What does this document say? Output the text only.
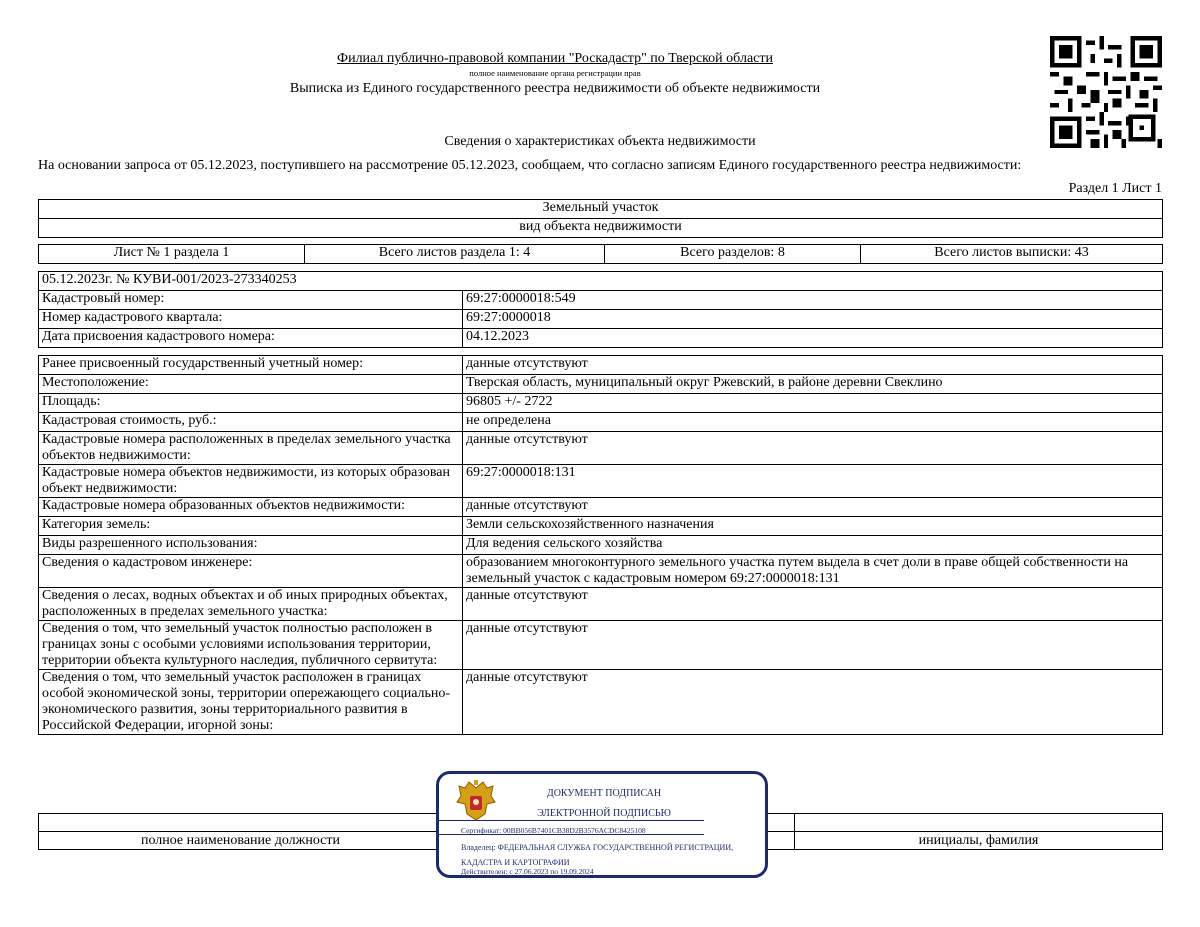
Филиал публично-правовой компании "Роскадастр" по Тверской области
полное наименование органа регистрации прав
Выписка из Единого государственного реестра недвижимости об объекте недвижимости
Сведения о характеристиках объекта недвижимости
На основании запроса от 05.12.2023, поступившего на рассмотрение 05.12.2023, сообщаем, что согласно записям Единого государственного реестра недвижимости:
Раздел 1 Лист 1
Земельный участок
вид объекта недвижимости
Лист № 1 раздела 1	Всего листов раздела 1: 4	Всего разделов: 8	Всего листов выписки: 43
05.12.2023г. № КУВИ-001/2023-273340253	
Кадастровый номер:	69:27:0000018:549
Номер кадастрового квартала:	69:27:0000018
Дата присвоения кадастрового номера:	04.12.2023
Ранее присвоенный государственный учетный номер:	данные отсутствуют
Местоположение:	Тверская область, муниципальный округ Ржевский, в районе деревни Свеклино
Площадь:	96805 +/- 2722
Кадастровая стоимость, руб.:	не определена
Кадастровые номера расположенных в пределах земельного участка объектов недвижимости:	данные отсутствуют
Кадастровые номера объектов недвижимости, из которых образован объект недвижимости:	69:27:0000018:131
Кадастровые номера образованных объектов недвижимости:	данные отсутствуют
Категория земель:	Земли сельскохозяйственного назначения
Виды разрешенного использования:	Для ведения сельского хозяйства
Сведения о кадастровом инженере:	образованием многоконтурного земельного участка путем выдела в счет доли в праве общей собственности на земельный участок с кадастровым номером 69:27:0000018:131
Сведения о лесах, водных объектах и об иных природных объектах, расположенных в пределах земельного участка:	данные отсутствуют
Сведения о том, что земельный участок полностью расположен в границах зоны с особыми условиями использования территории, территории объекта культурного наследия, публичного сервитута:	данные отсутствуют
Сведения о том, что земельный участок расположен в границах особой экономической зоны, территории опережающего социально-экономического развития, зоны территориального развития в Российской Федерации, игорной зоны:	данные отсутствуют

полное наименование должности		инициалы, фамилия
ДОКУМЕНТ ПОДПИСАН
ЭЛЕКТРОННОЙ ПОДПИСЬЮ
Сертификат: 00BB056B7401CB38D2B3576ACDC8425108
Владелец: ФЕДЕРАЛЬНАЯ СЛУЖБА ГОСУДАРСТВЕННОЙ РЕГИСТРАЦИИ, КАДАСТРА И КАРТОГРАФИИ
Действителен: с 27.06.2023 по 19.09.2024
